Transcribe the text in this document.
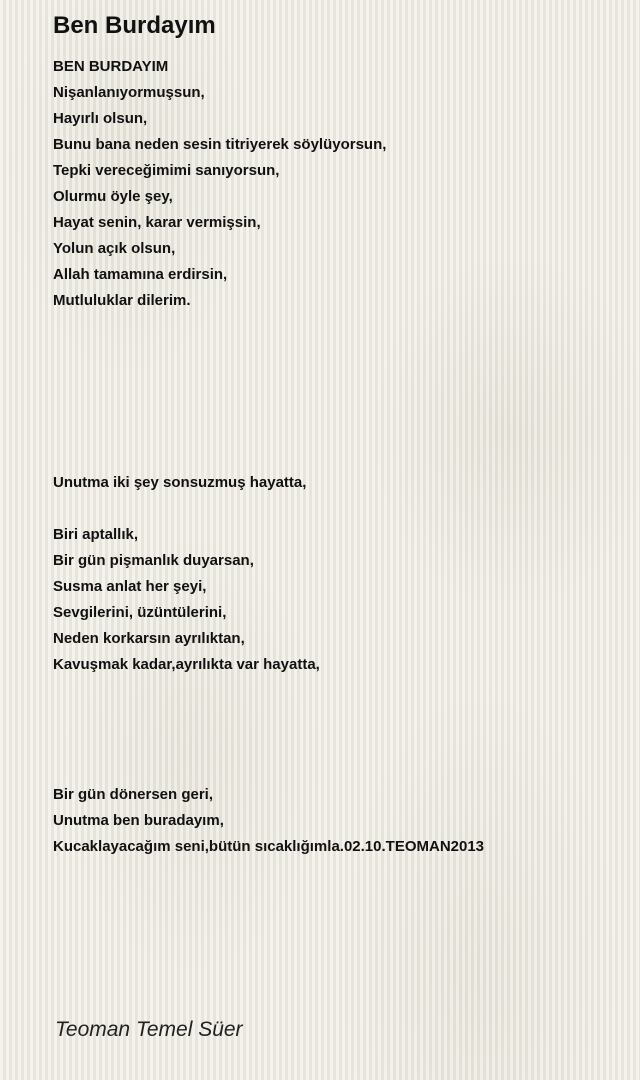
Ben Burdayım
BEN BURDAYIM
Nişanlanıyormuşsun,
Hayırlı olsun,
Bunu bana neden sesin titriyerek söylüyorsun,
Tepki vereceğimimi sanıyorsun,
Olurmu öyle şey,
Hayat senin, karar vermişsin,
Yolun açık olsun,
Allah tamamına erdirsin,
Mutluluklar dilerim.
Unutma iki şey sonsuzmuş hayatta,
Biri aptallık,
Bir gün pişmanlık duyarsan,
Susma anlat her şeyi,
Sevgilerini, üzüntülerini,
Neden korkarsın ayrılıktan,
Kavuşmak kadar,ayrılıkta var hayatta,
Bir gün dönersen geri,
Unutma ben buradayım,
Kucaklayacağım seni,bütün sıcaklığımla.02.10.TEOMAN2013
Teoman Temel Süer
